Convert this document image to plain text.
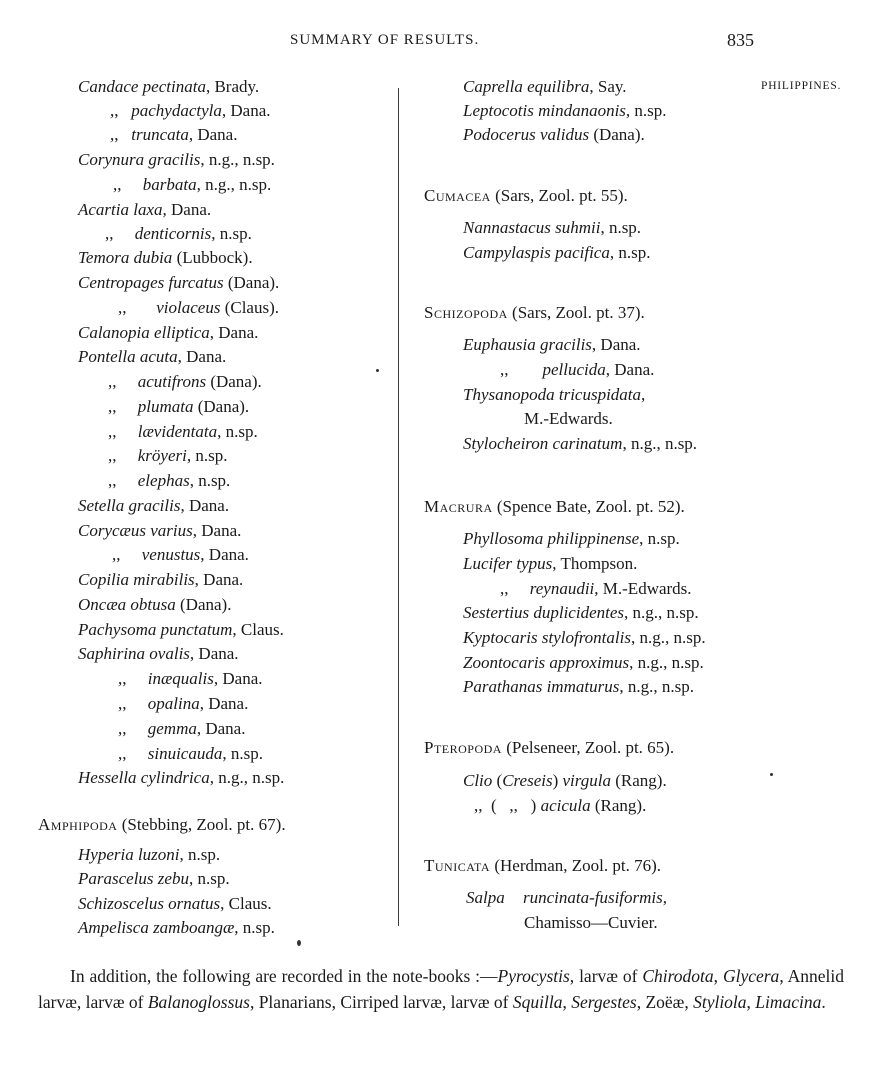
SUMMARY OF RESULTS.	835
PHILIPPINES.
Candace pectinata, Brady.
,, pachydactyla, Dana.
,, truncata, Dana.
Corynura gracilis, n.g., n.sp.
,, barbata, n.g., n.sp.
Acartia laxa, Dana.
,, denticornis, n.sp.
Temora dubia (Lubbock).
Centropages furcatus (Dana).
,, violaceus (Claus).
Calanopia elliptica, Dana.
Pontella acuta, Dana.
,, acutifrons (Dana).
,, plumata (Dana).
,, lævidentata, n.sp.
,, kröyeri, n.sp.
,, elephas, n.sp.
Setella gracilis, Dana.
Corycæus varius, Dana.
,, venustus, Dana.
Copilia mirabilis, Dana.
Oncæa obtusa (Dana).
Pachysoma punctatum, Claus.
Saphirina ovalis, Dana.
,, inæqualis, Dana.
,, opalina, Dana.
,, gemma, Dana.
,, sinuicauda, n.sp.
Hessella cylindrica, n.g., n.sp.
Amphipoda (Stebbing, Zool. pt. 67).
Hyperia luzoni, n.sp.
Parascelus zebu, n.sp.
Schizoscelus ornatus, Claus.
Ampelisca zamboangæ, n.sp.
Caprella equilibra, Say.
Leptocotis mindanaonis, n.sp.
Podocerus validus (Dana).
Cumacea (Sars, Zool. pt. 55).
Nannastacus suhmii, n.sp.
Campylaspis pacifica, n.sp.
Schizopoda (Sars, Zool. pt. 37).
Euphausia gracilis, Dana.
,, pellucida, Dana.
Thysanopoda tricuspidata,
M.-Edwards.
Stylocheiron carinatum, n.g., n.sp.
Macrura (Spence Bate, Zool. pt. 52).
Phyllosoma philippinense, n.sp.
Lucifer typus, Thompson.
,, reynaudii, M.-Edwards.
Sestertius duplicidentes, n.g., n.sp.
Kyptocaris stylofrontalis, n.g., n.sp.
Zoontocaris approximus, n.g., n.sp.
Parathanas immaturus, n.g., n.sp.
Pteropoda (Pelseneer, Zool. pt. 65).
Clio (Creseis) virgula (Rang).
,,  (   ,,   ) acicula (Rang).
Tunicata (Herdman, Zool. pt. 76).
Salpa runcinata-fusiformis,
Chamisso—Cuvier.
In addition, the following are recorded in the note-books :—Pyrocystis, larvæ of Chirodota, Glycera, Annelid larvæ, larvæ of Balanoglossus, Planarians, Cirriped larvæ, larvæ of Squilla, Sergestes, Zoëæ, Styliola, Limacina.
